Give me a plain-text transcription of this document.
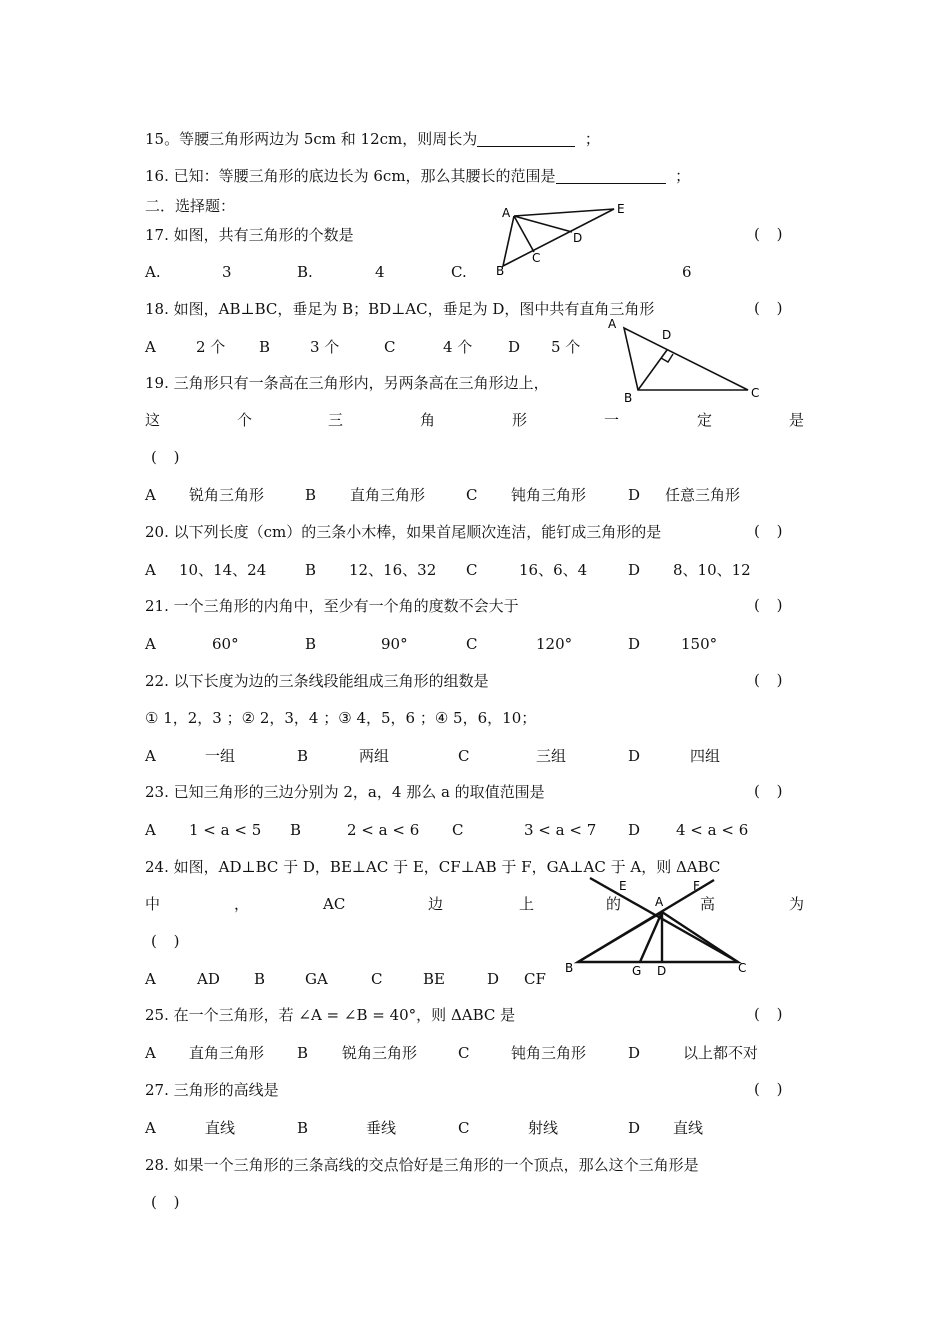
15。等腰三角形两边为 5cm 和 12cm，则周长为	；
16. 已知：等腰三角形的底边长为 6cm，那么其腰长的范围是	；
二．选择题：
17. 如图，共有三角形的个数是	( )
A	E
D
C
B
A.	3	B.	4	C.	6
18. 如图，AB⊥BC，垂足为 B；BD⊥AC，垂足为 D，图中共有直角三角形	( )
A
D
B	C
A	2 个 B	3 个	C	4 个 D 5 个
19. 三角形只有一条高在三角形内，另两条高在三角形边上，
这	个	三	角	形	一	定	是
( )
A 锐角三角形	B 直角三角形	C 钝角三角形	D 任意三角形
20. 以下列长度（cm）的三条小木棒，如果首尾顺次连洁，能钉成三角形的是	( )
A 10、14、24	B 12、16、32 C	16、6、4	D 8、10、12
21. 一个三角形的内角中，至少有一个角的度数不会大于	( )
A	60°	B	90°	C	120°	D	150°
22. 以下长度为边的三条线段能组成三角形的组数是	( )
① 1，2，3 ；② 2，3，4 ；③ 4，5，6 ；④ 5，6，10；
A	一组	B	两组	C	三组	D	四组
23. 已知三角形的三边分别为 2，a，4 那么 a 的取值范围是	( )
A 1 < a < 5 B	2 < a < 6 C	3 < a < 7 D 4 < a < 6
24. 如图，AD⊥BC 于 D，BE⊥AC 于 E，CF⊥AB 于 F，GA⊥AC 于 A，则 ΔABC
中	，	AC	边	上	的	高	为
E	F
A
B	G D	C
( )
A	AD B	GA	C	BE	D CF
25. 在一个三角形，若 ∠A = ∠B = 40°，则 ΔABC 是	( )
A 直角三角形 B 锐角三角形	C	钝角三角形	D	以上都不对
27. 三角形的高线是	( )
A	直线	B	垂线	C	射线	D 直线
28. 如果一个三角形的三条高线的交点恰好是三角形的一个顶点，那么这个三角形是
( )
